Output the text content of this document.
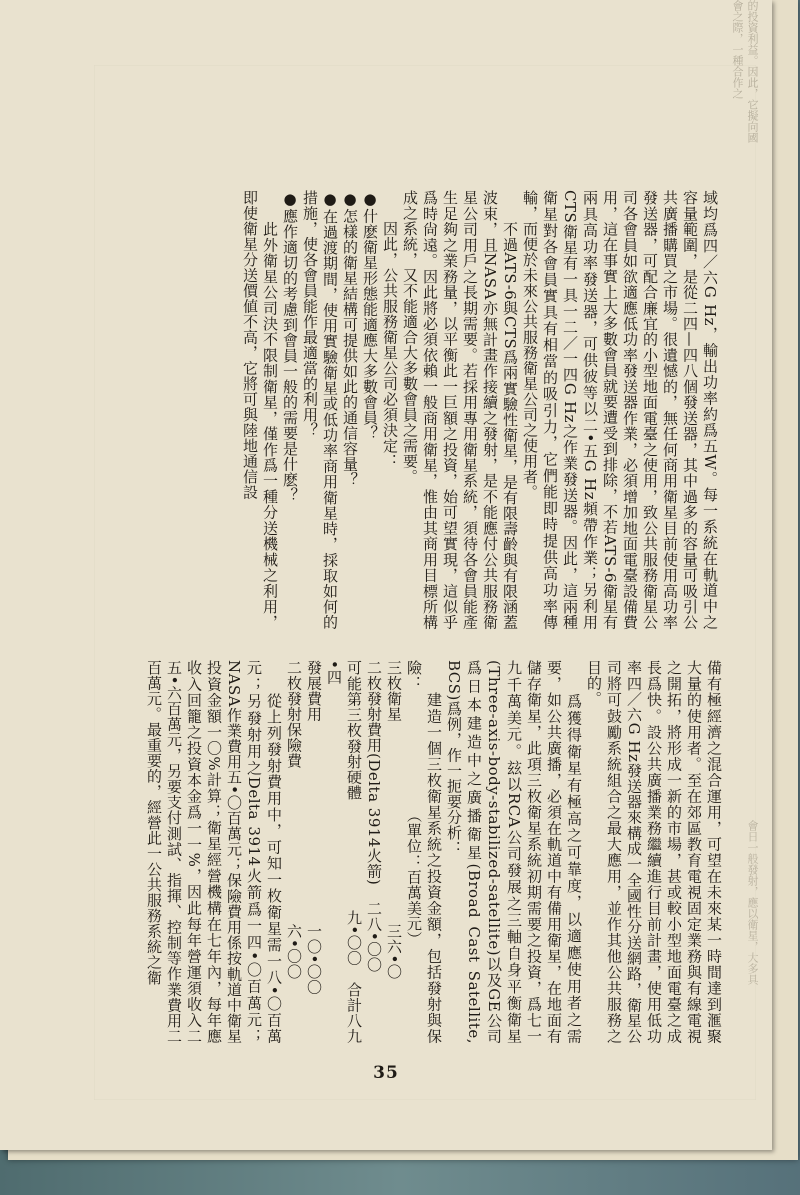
的投資利益。因此，它擬向國會之際，一種合作之
會日一般發射，應以衛星，大多具
域均爲四／六G Hz，輸出功率約爲五W。每一系統在軌道中之容量範圍，是從二四—四八個發送器，其中過多的容量可吸引公共廣播購買之市場。很遺憾的，無任何商用衛星目前使用高功率發送器，可配合廉宜的小型地面電臺之使用，致公共服務衛星公司各會員如欲適應低功率發送器作業，必須增加地面電臺設備費用，這在事實上大多數會員就要遭受到排除，不若ATS-6衛星有兩具高功率發送器，可供彼等以二•五G Hz頻帶作業；另利用CTS衛星有一具一二／一四G Hz之作業發送器。因此，這兩種衛星對各會員實具有相當的吸引力，它們能即時提供高功率傳輸，而便於未來公共服務衛星公司之使用者。
　　不過ATS-6與CTS爲兩實驗性衛星，是有限壽齡與有限涵蓋波束，且NASA亦無計畫作接續之發射，是不能應付公共服務衛星公司用戶之長期需要。若採用專用衛星系統，須待各會員能產生足夠之業務量，以平衡此一巨額之投資，始可望實現，這似乎爲時尙遠。因此將必須依賴一般商用衛星，惟由其商用目標所構成之系統，又不能適合大多數會員之需要。
　　因此，公共服務衛星公司必須決定：
●什麽衛星形態能適應大多數會員？
●怎樣的衛星結構可提供如此的通信容量？
●在過渡期間，使用實驗衛星或低功率商用衛星時，採取如何的措施，使各會員能作最適當的利用？
●應作適切的考慮到會員一般的需要是什麽？
　　此外衛星公司決不限制衛星，僅作爲一種分送機械之利用，即使衛星分送價値不高，它將可與陸地通信設
備有極經濟之混合運用，可望在未來某一時間達到滙聚大量的使用者。至在郊區教育電視固定業務與有線電視之開拓，將形成一新的市場，甚或較小型地面電臺之成長爲快。設公共廣播業務繼續進行目前計畫，使用低功率四／六G Hz發送器來構成一全國性分送網路，衛星公司將可鼓勵系統組合之最大應用，並作其他公共服務之目的。
　　爲獲得衛星有極高之可靠度，以適應使用者之需要，如公共廣播，必須在軌道中有備用衛星，在地面有儲存衛星，此項三枚衛星系統初期需要之投資，爲七一九千萬美元。玆以RCA公司發展之三軸自身平衡衛星(Three-axis-body-stabilized-satellite)以及GE公司爲日本建造中之廣播衛星(Broad Cast Satellite, BCS)爲例，作一扼要分析：
　　建造一個三枚衛星系統之投資金額，包括發射與保險：　　　　　　　　（單位：百萬美元）
三枚衛星　　　　　　　　　　　　　三六•〇
二枚發射費用(Delta 3914火箭)　二八•〇〇
可能第三枚發射硬體　　　　　　　九•〇〇　合計八九•四
發展費用　　　　　　　　　　　　　一〇•〇〇
二枚發射保險費　　　　　　　　　　六•〇〇
　　從上列發射費用中，可知一枚衛星需一八•〇百萬元；另發射用之Delta 3914火箭爲一四•〇百萬元；NASA作業費用五•〇百萬元；保險費用係按軌道中衛星投資金額一〇%計算；衛星經營機構在七年內，每年應收入回籠之投資本金爲一一%，因此每年營運須收入二五•六百萬元，另要支付測試、指揮、控制等作業費用二百萬元。最重要的，經營此一公共服務系統之衛
35
